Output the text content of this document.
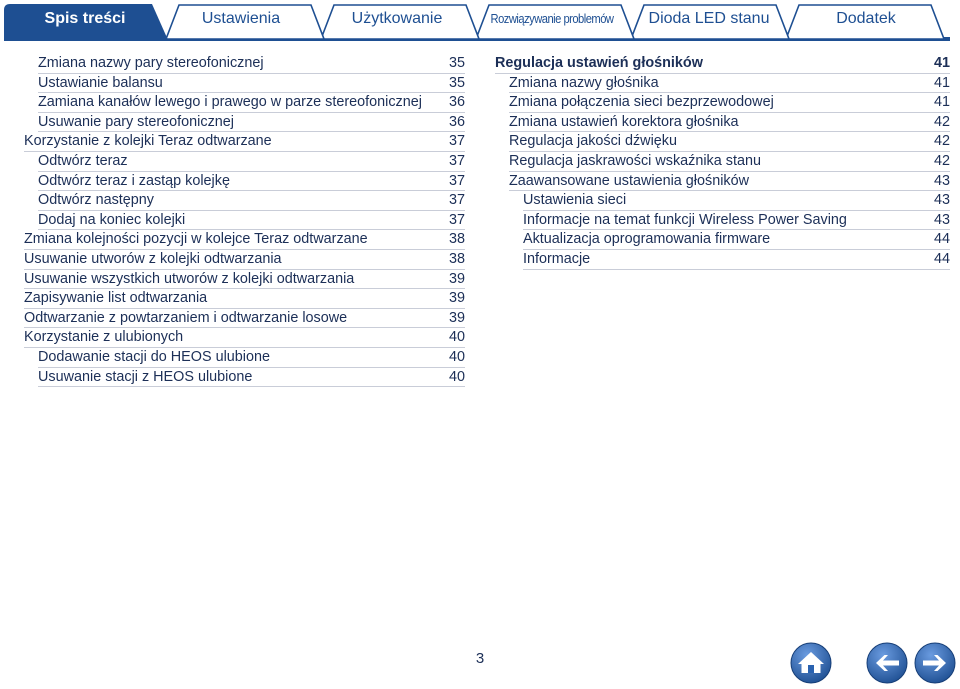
Spis treści	Ustawienia	Użytkowanie	Rozwiązywanie problemów	Dioda LED stanu	Dodatek
Zmiana nazwy pary stereofonicznej	35
Ustawianie balansu	35
Zamiana kanałów lewego i prawego w parze stereofonicznej 36
Usuwanie pary stereofonicznej	36
Korzystanie z kolejki Teraz odtwarzane	37
Odtwórz teraz	37
Odtwórz teraz i zastąp kolejkę	37
Odtwórz następny	37
Dodaj na koniec kolejki	37
Zmiana kolejności pozycji w kolejce Teraz odtwarzane	38
Usuwanie utworów z kolejki odtwarzania	38
Usuwanie wszystkich utworów z kolejki odtwarzania	39
Zapisywanie list odtwarzania	39
Odtwarzanie z powtarzaniem i odtwarzanie losowe	39
Korzystanie z ulubionych	40
Dodawanie stacji do HEOS ulubione	40
Usuwanie stacji z HEOS ulubione	40
Regulacja ustawień głośników	41
Zmiana nazwy głośnika	41
Zmiana połączenia sieci bezprzewodowej	41
Zmiana ustawień korektora głośnika	42
Regulacja jakości dźwięku	42
Regulacja jaskrawości wskaźnika stanu	42
Zaawansowane ustawienia głośników	43
Ustawienia sieci	43
Informacje na temat funkcji Wireless Power Saving	43
Aktualizacja oprogramowania firmware	44
Informacje	44
3
